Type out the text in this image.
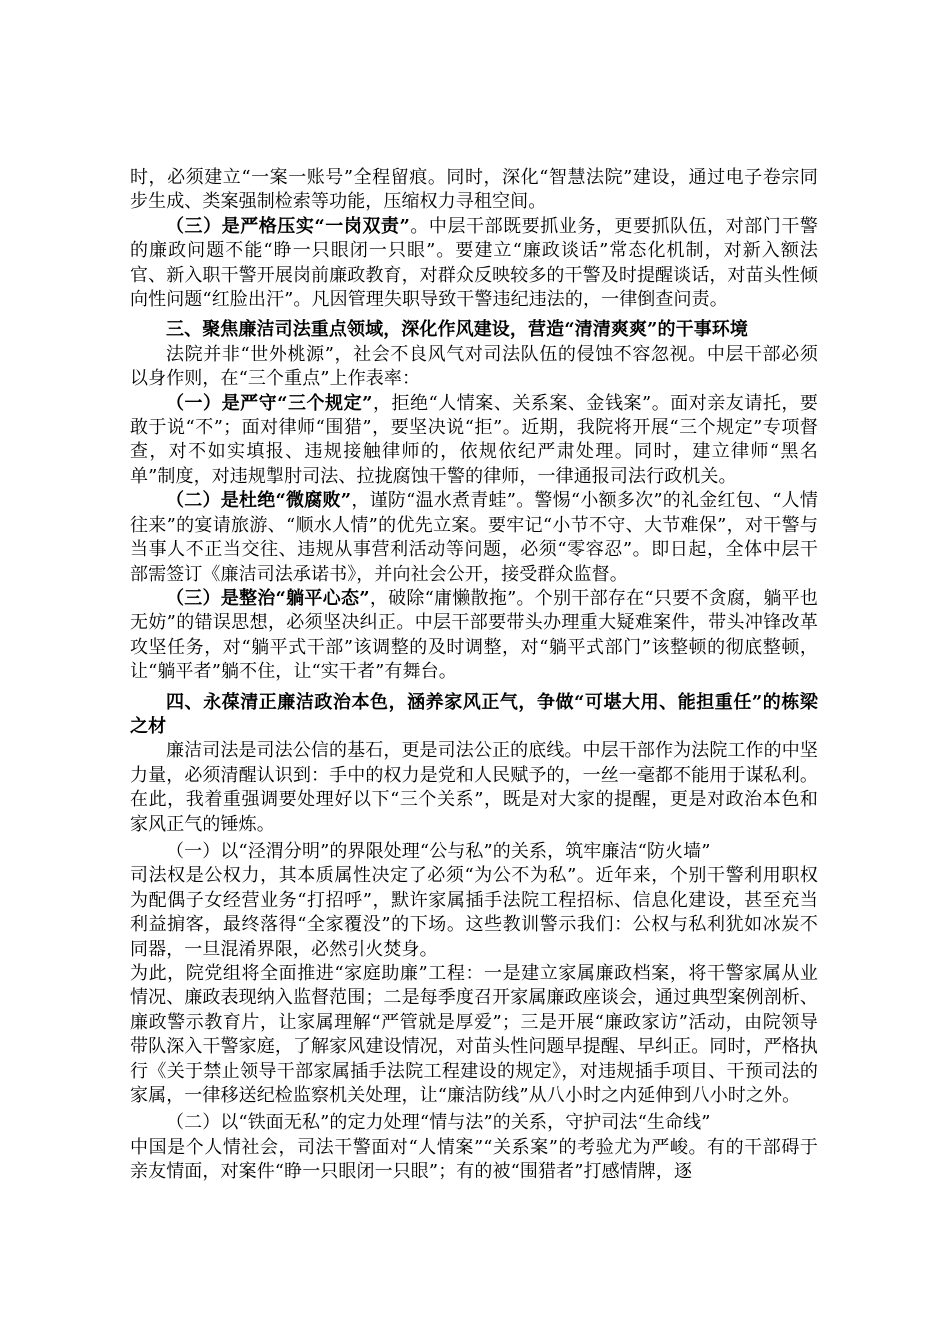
时，必须建立“一案一账号”全程留痕。同时，深化“智慧法院”建设，通过电子卷宗同步生成、类案强制检索等功能，压缩权力寻租空间。

（三）是严格压实“一岗双责”。中层干部既要抓业务，更要抓队伍，对部门干警的廉政问题不能“睁一只眼闭一只眼”。要建立“廉政谈话”常态化机制，对新入额法官、新入职干警开展岗前廉政教育，对群众反映较多的干警及时提醒谈话，对苗头性倾向性问题“红脸出汗”。凡因管理失职导致干警违纪违法的，一律倒查问责。

三、聚焦廉洁司法重点领域，深化作风建设，营造“清清爽爽”的干事环境

法院并非“世外桃源”，社会不良风气对司法队伍的侵蚀不容忽视。中层干部必须以身作则，在“三个重点”上作表率：

（一）是严守“三个规定”，拒绝“人情案、关系案、金钱案”。面对亲友请托，要敢于说“不”；面对律师“围猎”，要坚决说“拒”。近期，我院将开展“三个规定”专项督查，对不如实填报、违规接触律师的，依规依纪严肃处理。同时，建立律师“黑名单”制度，对违规掣肘司法、拉拢腐蚀干警的律师，一律通报司法行政机关。

（二）是杜绝“微腐败”，谨防“温水煮青蛙”。警惕“小额多次”的礼金红包、“人情往来”的宴请旅游、“顺水人情”的优先立案。要牢记“小节不守、大节难保”，对干警与当事人不正当交往、违规从事营利活动等问题，必须“零容忍”。即日起，全体中层干部需签订《廉洁司法承诺书》，并向社会公开，接受群众监督。

（三）是整治“躺平心态”，破除“庸懒散拖”。个别干部存在“只要不贪腐，躺平也无妨”的错误思想，必须坚决纠正。中层干部要带头办理重大疑难案件，带头冲锋改革攻坚任务，对“躺平式干部”该调整的及时调整，对“躺平式部门”该整顿的彻底整顿，让“躺平者”躺不住，让“实干者”有舞台。

四、永葆清正廉洁政治本色，涵养家风正气，争做“可堪大用、能担重任”的栋梁之材

廉洁司法是司法公信的基石，更是司法公正的底线。中层干部作为法院工作的中坚力量，必须清醒认识到：手中的权力是党和人民赋予的，一丝一毫都不能用于谋私利。在此，我着重强调要处理好以下“三个关系”，既是对大家的提醒，更是对政治本色和家风正气的锤炼。

（一）以“泾渭分明”的界限处理“公与私”的关系，筑牢廉洁“防火墙”

司法权是公权力，其本质属性决定了必须“为公不为私”。近年来，个别干警利用职权为配偶子女经营业务“打招呼”，默许家属插手法院工程招标、信息化建设，甚至充当利益掮客，最终落得“全家覆没”的下场。这些教训警示我们：公权与私利犹如冰炭不同器，一旦混淆界限，必然引火焚身。

为此，院党组将全面推进“家庭助廉”工程：一是建立家属廉政档案，将干警家属从业情况、廉政表现纳入监督范围；二是每季度召开家属廉政座谈会，通过典型案例剖析、廉政警示教育片，让家属理解“严管就是厚爱”；三是开展“廉政家访”活动，由院领导带队深入干警家庭，了解家风建设情况，对苗头性问题早提醒、早纠正。同时，严格执行《关于禁止领导干部家属插手法院工程建设的规定》，对违规插手项目、干预司法的家属，一律移送纪检监察机关处理，让“廉洁防线”从八小时之内延伸到八小时之外。

（二）以“铁面无私”的定力处理“情与法”的关系，守护司法“生命线”

中国是个人情社会，司法干警面对“人情案”“关系案”的考验尤为严峻。有的干部碍于亲友情面，对案件“睁一只眼闭一只眼”；有的被“围猎者”打感情牌，逐
